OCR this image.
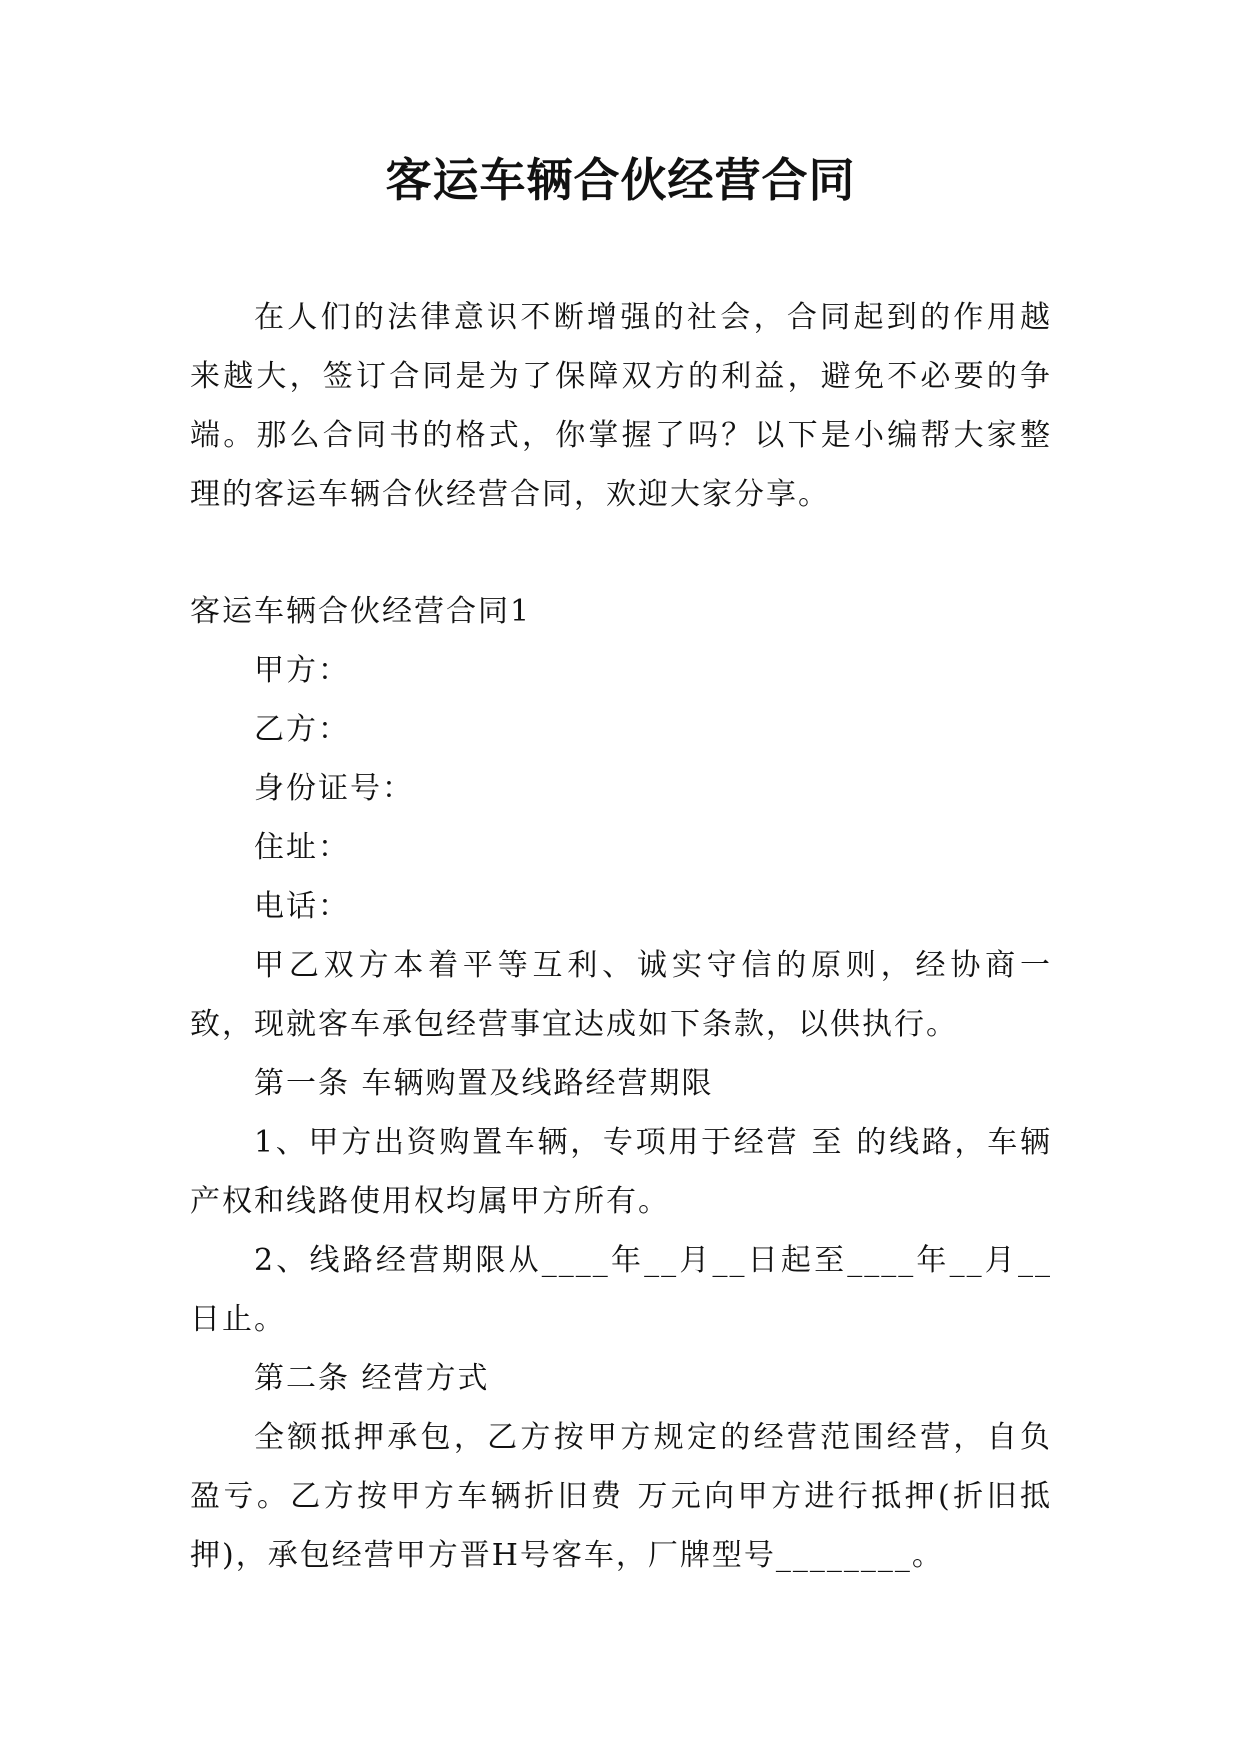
客运车辆合伙经营合同

在人们的法律意识不断增强的社会，合同起到的作用越来越大，签订合同是为了保障双方的利益，避免不必要的争端。那么合同书的格式，你掌握了吗？以下是小编帮大家整理的客运车辆合伙经营合同，欢迎大家分享。

客运车辆合伙经营合同1

甲方：

乙方：

身份证号：

住址：

电话：

甲乙双方本着平等互利、诚实守信的原则，经协商一致，现就客车承包经营事宜达成如下条款，以供执行。

第一条 车辆购置及线路经营期限

1、甲方出资购置车辆，专项用于经营 至 的线路，车辆产权和线路使用权均属甲方所有。

2、线路经营期限从____年__月__日起至____年__月__日止。

第二条 经营方式

全额抵押承包，乙方按甲方规定的经营范围经营，自负盈亏。乙方按甲方车辆折旧费 万元向甲方进行抵押(折旧抵押)，承包经营甲方晋H号客车，厂牌型号________。
